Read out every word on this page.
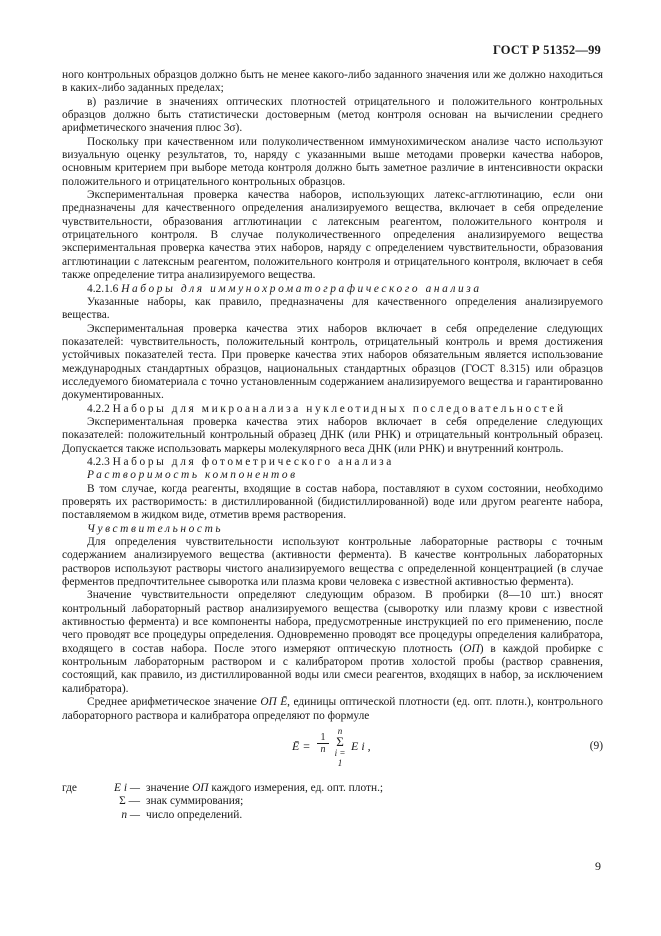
ГОСТ Р 51352—99

ного контрольных образцов должно быть не менее какого-либо заданного значения или же должно находиться в каких-либо заданных пределах;

в) различие в значениях оптических плотностей отрицательного и положительного контрольных образцов должно быть статистически достоверным (метод контроля основан на вычислении среднего арифметического значения плюс 3σ).

Поскольку при качественном или полуколичественном иммунохимическом анализе часто используют визуальную оценку результатов, то, наряду с указанными выше методами проверки качества наборов, основным критерием при выборе метода контроля должно быть заметное различие в интенсивности окраски положительного и отрицательного контрольных образцов.

Экспериментальная проверка качества наборов, использующих латекс-агглютинацию, если они предназначены для качественного определения анализируемого вещества, включает в себя определение чувствительности, образования агглютинации с латексным реагентом, положительного контроля и отрицательного контроля. В случае полуколичественного определения анализируемого вещества экспериментальная проверка качества этих наборов, наряду с определением чувствительности, образования агглютинации с латексным реагентом, положительного контроля и отрицательного контроля, включает в себя также определение титра анализируемого вещества.

4.2.1.6 Наборы для иммунохроматографического анализа

Указанные наборы, как правило, предназначены для качественного определения анализируемого вещества.

Экспериментальная проверка качества этих наборов включает в себя определение следующих показателей: чувствительность, положительный контроль, отрицательный контроль и время достижения устойчивых показателей теста. При проверке качества этих наборов обязательным является использование международных стандартных образцов, национальных стандартных образцов (ГОСТ 8.315) или образцов исследуемого биоматериала с точно установленным содержанием анализируемого вещества и гарантированно документированных.

4.2.2 Наборы для микроанализа нуклеотидных последовательностей

Экспериментальная проверка качества этих наборов включает в себя определение следующих показателей: положительный контрольный образец ДНК (или РНК) и отрицательный контрольный образец. Допускается также использовать маркеры молекулярного веса ДНК (или РНК) и внутренний контроль.

4.2.3 Наборы для фотометрического анализа

Растворимость компонентов

В том случае, когда реагенты, входящие в состав набора, поставляют в сухом состоянии, необходимо проверять их растворимость: в дистиллированной (бидистиллированной) воде или другом реагенте набора, поставляемом в жидком виде, отметив время растворения.

Чувствительность

Для определения чувствительности используют контрольные лабораторные растворы с точным содержанием анализируемого вещества (активности фермента). В качестве контрольных лабораторных растворов используют растворы чистого анализируемого вещества с определенной концентрацией (в случае ферментов предпочтительнее сыворотка или плазма крови человека с известной активностью фермента).

Значение чувствительности определяют следующим образом. В пробирки (8—10 шт.) вносят контрольный лабораторный раствор анализируемого вещества (сыворотку или плазму крови с известной активностью фермента) и все компоненты набора, предусмотренные инструкцией по его применению, после чего проводят все процедуры определения. Одновременно проводят все процедуры определения калибратора, входящего в состав набора. После этого измеряют оптическую плотность (ОП) в каждой пробирке с контрольным лабораторным раствором и с калибратором против холостой пробы (раствор сравнения, состоящий, как правило, из дистиллированной воды или смеси реагентов, входящих в набор, за исключением калибратора).

Среднее арифметическое значение ОП Ē, единицы оптической плотности (ед. опт. плотн.), контрольного лабораторного раствора и калибратора определяют по формуле

Ē = $\frac{1}{n}$
n
Σ
i = 1
E i ,	(9)
где	E i — значение ОП каждого измерения, ед. опт. плотн.;
Σ — знак суммирования;
n — число определений.
9
